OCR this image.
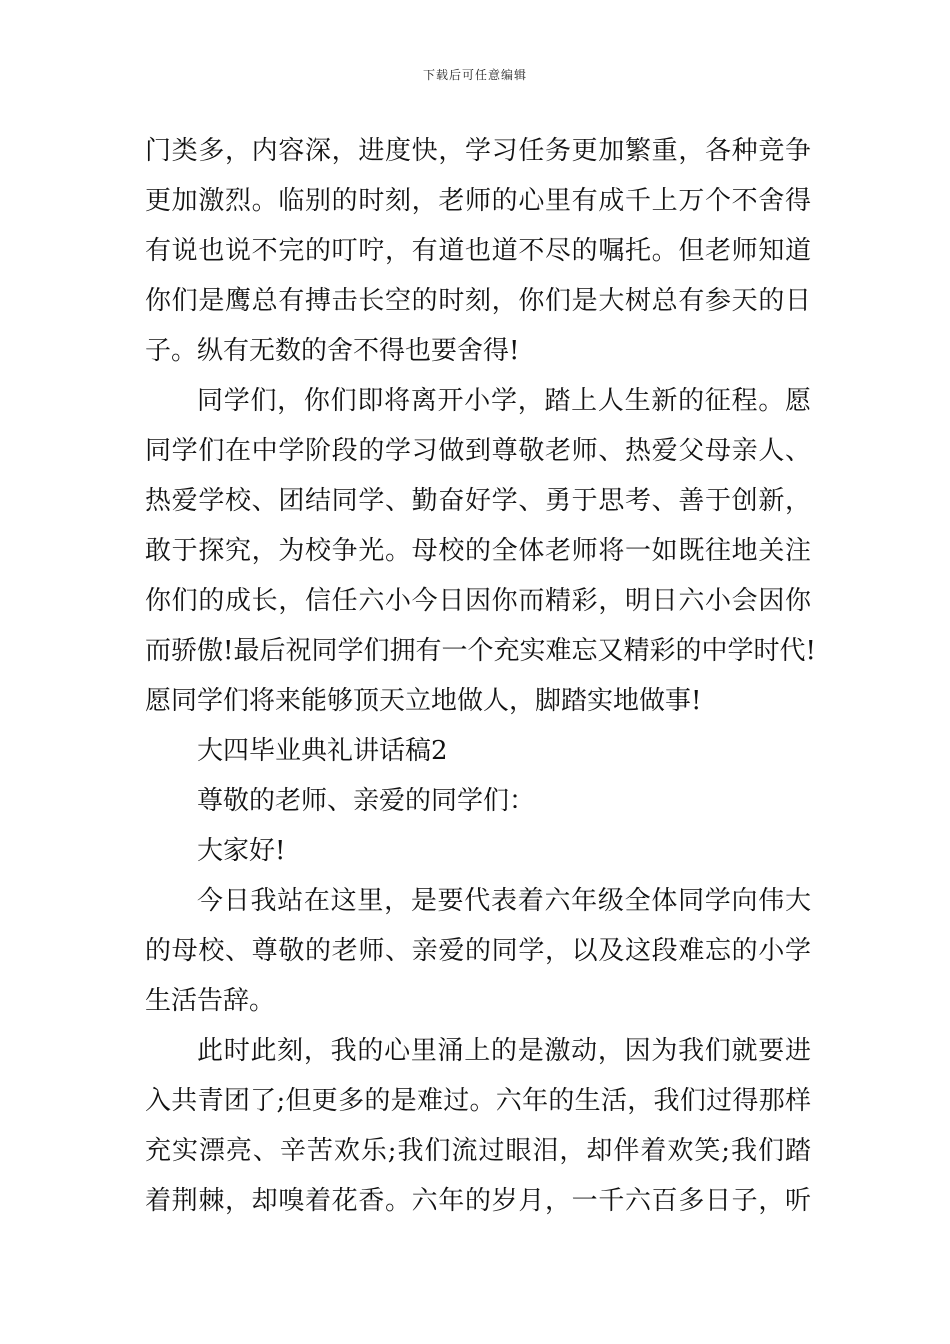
下载后可任意编辑
门类多，内容深，进度快，学习任务更加繁重，各种竞争
更加激烈。临别的时刻，老师的心里有成千上万个不舍得
有说也说不完的叮咛，有道也道不尽的嘱托。但老师知道
你们是鹰总有搏击长空的时刻，你们是大树总有参天的日
子。纵有无数的舍不得也要舍得!
同学们，你们即将离开小学，踏上人生新的征程。愿
同学们在中学阶段的学习做到尊敬老师、热爱父母亲人、
热爱学校、团结同学、勤奋好学、勇于思考、善于创新，
敢于探究，为校争光。母校的全体老师将一如既往地关注
你们的成长，信任六小今日因你而精彩，明日六小会因你
而骄傲!最后祝同学们拥有一个充实难忘又精彩的中学时代!
愿同学们将来能够顶天立地做人，脚踏实地做事!
大四毕业典礼讲话稿2
尊敬的老师、亲爱的同学们：
大家好!
今日我站在这里，是要代表着六年级全体同学向伟大
的母校、尊敬的老师、亲爱的同学，以及这段难忘的小学
生活告辞。
此时此刻，我的心里涌上的是激动，因为我们就要进
入共青团了;但更多的是难过。六年的生活，我们过得那样
充实漂亮、辛苦欢乐;我们流过眼泪，却伴着欢笑;我们踏
着荆棘，却嗅着花香。六年的岁月，一千六百多日子，听
